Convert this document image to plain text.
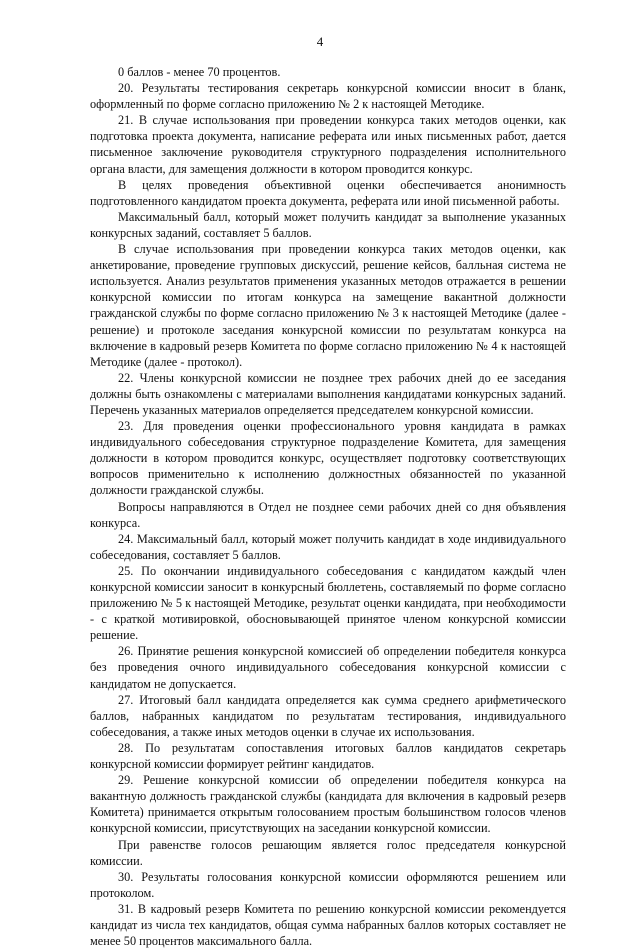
4

0 баллов - менее 70 процентов.

20. Результаты тестирования секретарь конкурсной комиссии вносит в бланк, оформленный по форме согласно приложению № 2 к настоящей Методике.

21. В случае использования при проведении конкурса таких методов оценки, как подготовка проекта документа, написание реферата или иных письменных работ, дается письменное заключение руководителя структурного подразделения исполнительного органа власти, для замещения должности в котором проводится конкурс.

В целях проведения объективной оценки обеспечивается анонимность подготовленного кандидатом проекта документа, реферата или иной письменной работы.

Максимальный балл, который может получить кандидат за выполнение указанных конкурсных заданий, составляет 5 баллов.

В случае использования при проведении конкурса таких методов оценки, как анкетирование, проведение групповых дискуссий, решение кейсов, балльная система не используется. Анализ результатов применения указанных методов отражается в решении конкурсной комиссии по итогам конкурса на замещение вакантной должности гражданской службы по форме согласно приложению № 3 к настоящей Методике (далее - решение) и протоколе заседания конкурсной комиссии по результатам конкурса на включение в кадровый резерв Комитета по форме согласно приложению № 4 к настоящей Методике (далее - протокол).

22. Члены конкурсной комиссии не позднее трех рабочих дней до ее заседания должны быть ознакомлены с материалами выполнения кандидатами конкурсных заданий. Перечень указанных материалов определяется председателем конкурсной комиссии.

23. Для проведения оценки профессионального уровня кандидата в рамках индивидуального собеседования структурное подразделение Комитета, для замещения должности в котором проводится конкурс, осуществляет подготовку соответствующих вопросов применительно к исполнению должностных обязанностей по указанной должности гражданской службы.

Вопросы направляются в Отдел не позднее семи рабочих дней со дня объявления конкурса.

24. Максимальный балл, который может получить кандидат в ходе индивидуального собеседования, составляет 5 баллов.

25. По окончании индивидуального собеседования с кандидатом каждый член конкурсной комиссии заносит в конкурсный бюллетень, составляемый по форме согласно приложению № 5 к настоящей Методике, результат оценки кандидата, при необходимости - с краткой мотивировкой, обосновывающей принятое членом конкурсной комиссии решение.

26. Принятие решения конкурсной комиссией об определении победителя конкурса без проведения очного индивидуального собеседования конкурсной комиссии с кандидатом не допускается.

27. Итоговый балл кандидата определяется как сумма среднего арифметического баллов, набранных кандидатом по результатам тестирования, индивидуального собеседования, а также иных методов оценки в случае их использования.

28. По результатам сопоставления итоговых баллов кандидатов секретарь конкурсной комиссии формирует рейтинг кандидатов.

29. Решение конкурсной комиссии об определении победителя конкурса на вакантную должность гражданской службы (кандидата для включения в кадровый резерв Комитета) принимается открытым голосованием простым большинством голосов членов конкурсной комиссии, присутствующих на заседании конкурсной комиссии.

При равенстве голосов решающим является голос председателя конкурсной комиссии.

30. Результаты голосования конкурсной комиссии оформляются решением или протоколом.

31. В кадровый резерв Комитета по решению конкурсной комиссии рекомендуется кандидат из числа тех кандидатов, общая сумма набранных баллов которых составляет не менее 50 процентов максимального балла.
